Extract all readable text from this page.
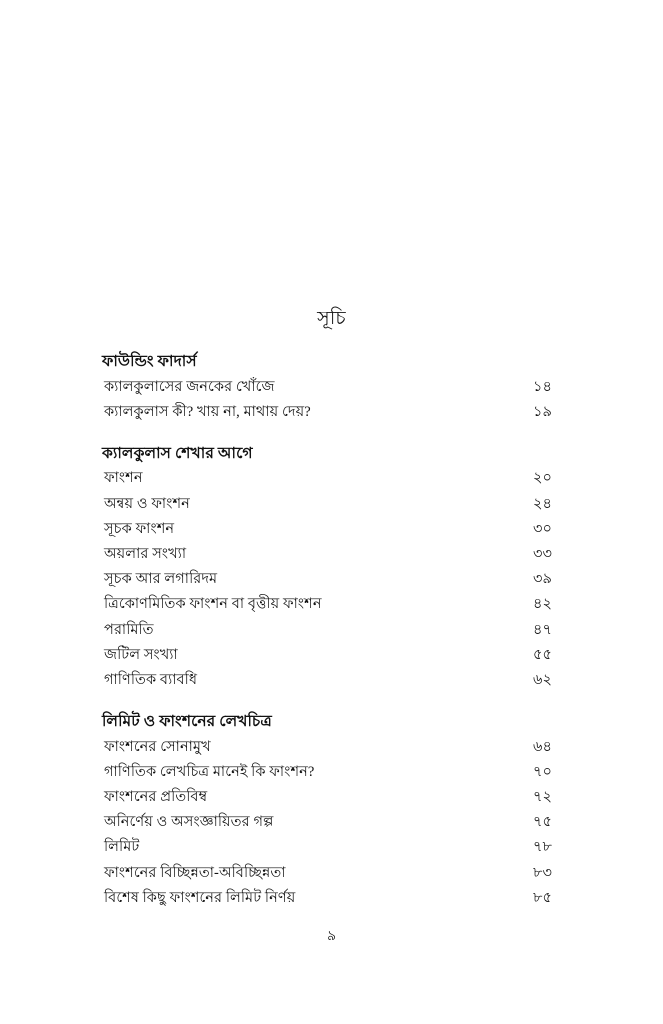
সূচি
ফাউন্ডিং ফাদার্স
ক্যালকুলাসের জনকের খোঁজে	১৪
ক্যালকুলাস কী? খায় না, মাথায় দেয়?	১৯
ক্যালকুলাস শেখার আগে
ফাংশন	২০
অন্বয় ও ফাংশন	২৪
সূচক ফাংশন	৩০
অয়লার সংখ্যা	৩৩
সূচক আর লগারিদম	৩৯
ত্রিকোণমিতিক ফাংশন বা বৃত্তীয় ফাংশন	৪২
পরামিতি	৪৭
জটিল সংখ্যা	৫৫
গাণিতিক ব্যাবধি	৬২
লিমিট ও ফাংশনের লেখচিত্র
ফাংশনের সোনামুখ	৬৪
গাণিতিক লেখচিত্র মানেই কি ফাংশন?	৭০
ফাংশনের প্রতিবিম্ব	৭২
অনির্ণেয় ও অসংজ্ঞায়িতর গল্প	৭৫
লিমিট	৭৮
ফাংশনের বিচ্ছিন্নতা-অবিচ্ছিন্নতা	৮৩
বিশেষ কিছু ফাংশনের লিমিট নির্ণয়	৮৫
৯
